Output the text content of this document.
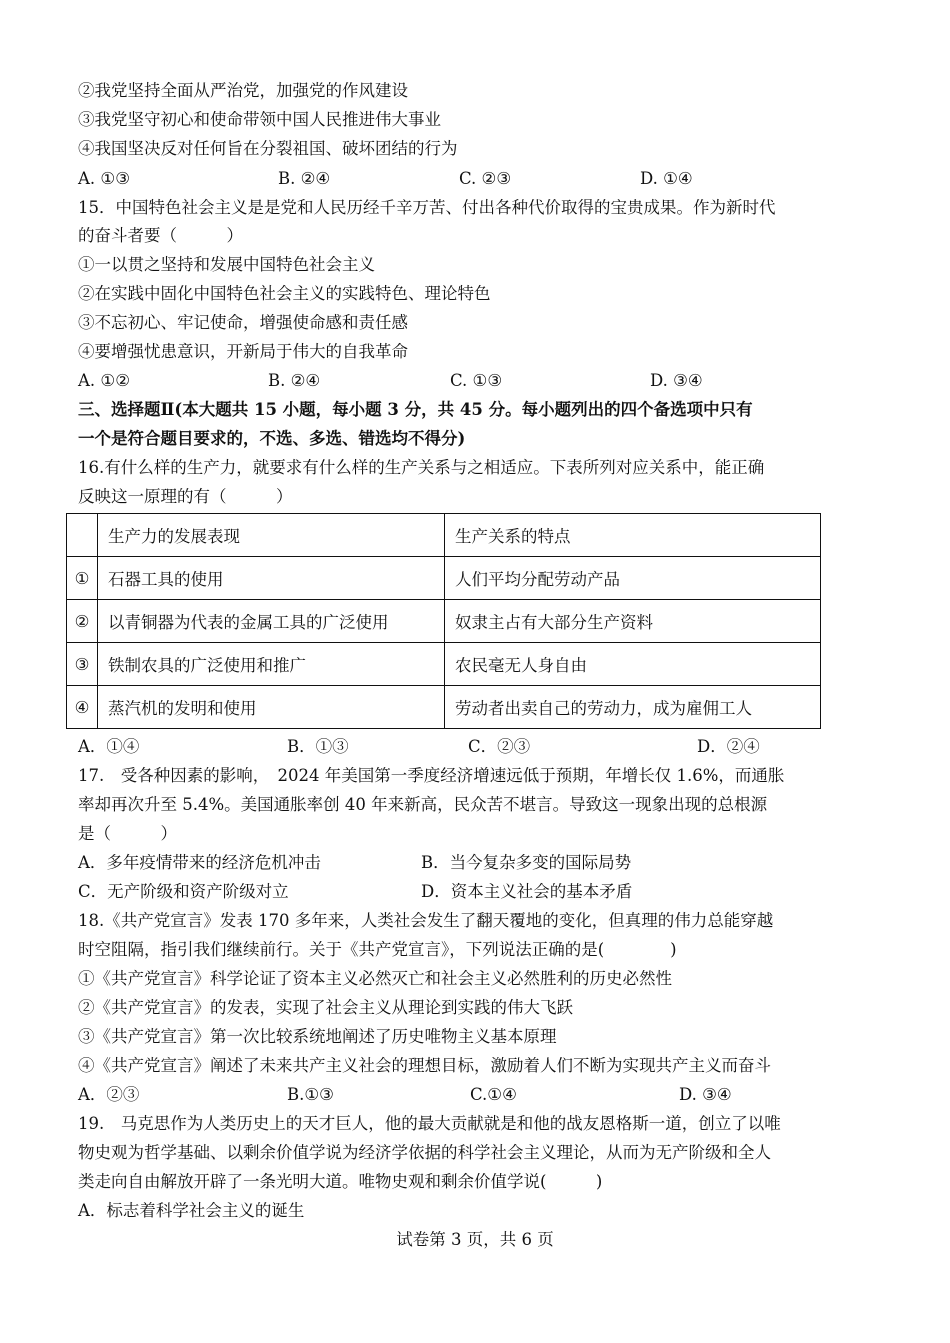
②我党坚持全面从严治党，加强党的作风建设
③我党坚守初心和使命带领中国人民推进伟大事业
④我国坚决反对任何旨在分裂祖国、破坏团结的行为
A. ①③	B. ②④	C. ②③	D. ①④
15．中国特色社会主义是是党和人民历经千辛万苦、付出各种代价取得的宝贵成果。作为新时代
的奋斗者要（　　　）
①一以贯之坚持和发展中国特色社会主义
②在实践中固化中国特色社会主义的实践特色、理论特色
③不忘初心、牢记使命，增强使命感和责任感
④要增强忧患意识，开新局于伟大的自我革命
A. ①②	B. ②④	C. ①③	D. ③④
三、选择题Ⅱ(本大题共 15 小题，每小题 3 分，共 45 分。每小题列出的四个备选项中只有
一个是符合题目要求的，不选、多选、错选均不得分)
16.有什么样的生产力，就要求有什么样的生产关系与之相适应。下表所列对应关系中，能正确
反映这一原理的有（　　　）
	生产力的发展表现	生产关系的特点
①	石器工具的使用	人们平均分配劳动产品
②	以青铜器为代表的金属工具的广泛使用	奴隶主占有大部分生产资料
③	铁制农具的广泛使用和推广	农民毫无人身自由
④	蒸汽机的发明和使用	劳动者出卖自己的劳动力，成为雇佣工人
A．①④	B．①③	C．②③	D．②④
17.　受各种因素的影响，　2024 年美国第一季度经济增速远低于预期，年增长仅 1.6%，而通胀
率却再次升至 5.4%。美国通胀率创 40 年来新高，民众苦不堪言。导致这一现象出现的总根源
是（　　　）
A．多年疫情带来的经济危机冲击	B．当今复杂多变的国际局势
C．无产阶级和资产阶级对立	D．资本主义社会的基本矛盾
18.《共产党宣言》发表 170 多年来，人类社会发生了翻天覆地的变化，但真理的伟力总能穿越
时空阻隔，指引我们继续前行。关于《共产党宣言》，下列说法正确的是(　　　　)
①《共产党宣言》科学论证了资本主义必然灭亡和社会主义必然胜利的历史必然性
②《共产党宣言》的发表，实现了社会主义从理论到实践的伟大飞跃
③《共产党宣言》第一次比较系统地阐述了历史唯物主义基本原理
④《共产党宣言》阐述了未来共产主义社会的理想目标，激励着人们不断为实现共产主义而奋斗
A．②③	B.①③	C.①④	D. ③④
19.　马克思作为人类历史上的天才巨人，他的最大贡献就是和他的战友恩格斯一道，创立了以唯
物史观为哲学基础、以剩余价值学说为经济学依据的科学社会主义理论，从而为无产阶级和全人
类走向自由解放开辟了一条光明大道。唯物史观和剩余价值学说(　　　)
A．标志着科学社会主义的诞生
试卷第 3 页，共 6 页
